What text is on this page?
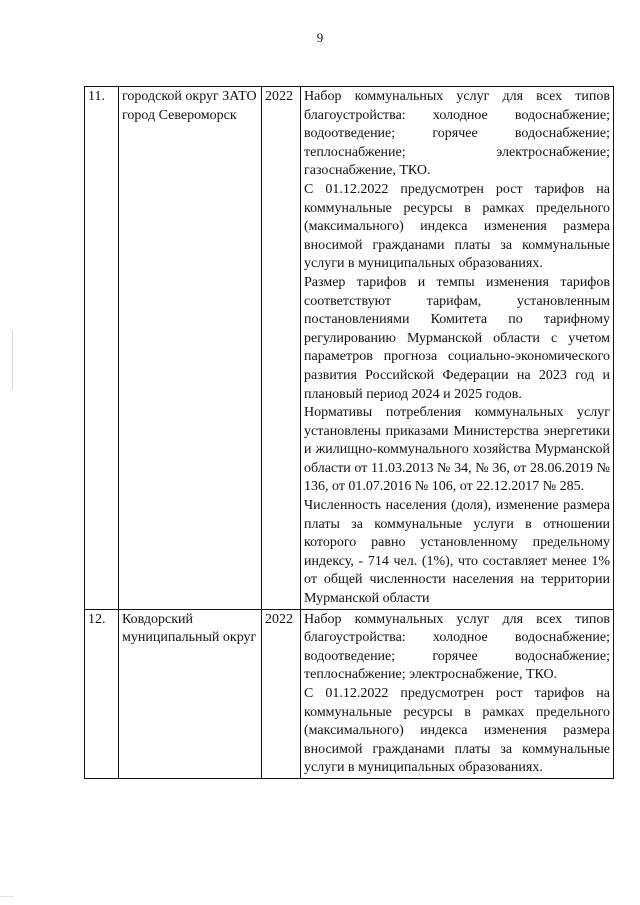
9
11.	городской округ ЗАТО город Североморск	2022	Набор коммунальных услуг для всех типов благоустройства: холодное водоснабжение; водоотведение; горячее водоснабжение; теплоснабжение; электроснабжение; газоснабжение, ТКО.

С 01.12.2022 предусмотрен рост тарифов на коммунальные ресурсы в рамках предельного (максимального) индекса изменения размера вносимой гражданами платы за коммунальные услуги в муниципальных образованиях.

Размер тарифов и темпы изменения тарифов соответствуют тарифам, установленным постановлениями Комитета по тарифному регулированию Мурманской области с учетом параметров прогноза социально-экономического развития Российской Федерации на 2023 год и плановый период 2024 и 2025 годов.

Нормативы потребления коммунальных услуг установлены приказами Министерства энергетики и жилищно-коммунального хозяйства Мурманской области от 11.03.2013 № 34, № 36, от 28.06.2019 № 136, от 01.07.2016 № 106, от 22.12.2017 № 285.

Численность населения (доля), изменение размера платы за коммунальные услуги в отношении которого равно установленному предельному индексу, - 714 чел. (1%), что составляет менее 1% от общей численности населения на территории Мурманской области

12.	Ковдорский муниципальный округ	2022	Набор коммунальных услуг для всех типов благоустройства: холодное водоснабжение; водоотведение; горячее водоснабжение; теплоснабжение; электроснабжение, ТКО.

С 01.12.2022 предусмотрен рост тарифов на коммунальные ресурсы в рамках предельного (максимального) индекса изменения размера вносимой гражданами платы за коммунальные услуги в муниципальных образованиях.
